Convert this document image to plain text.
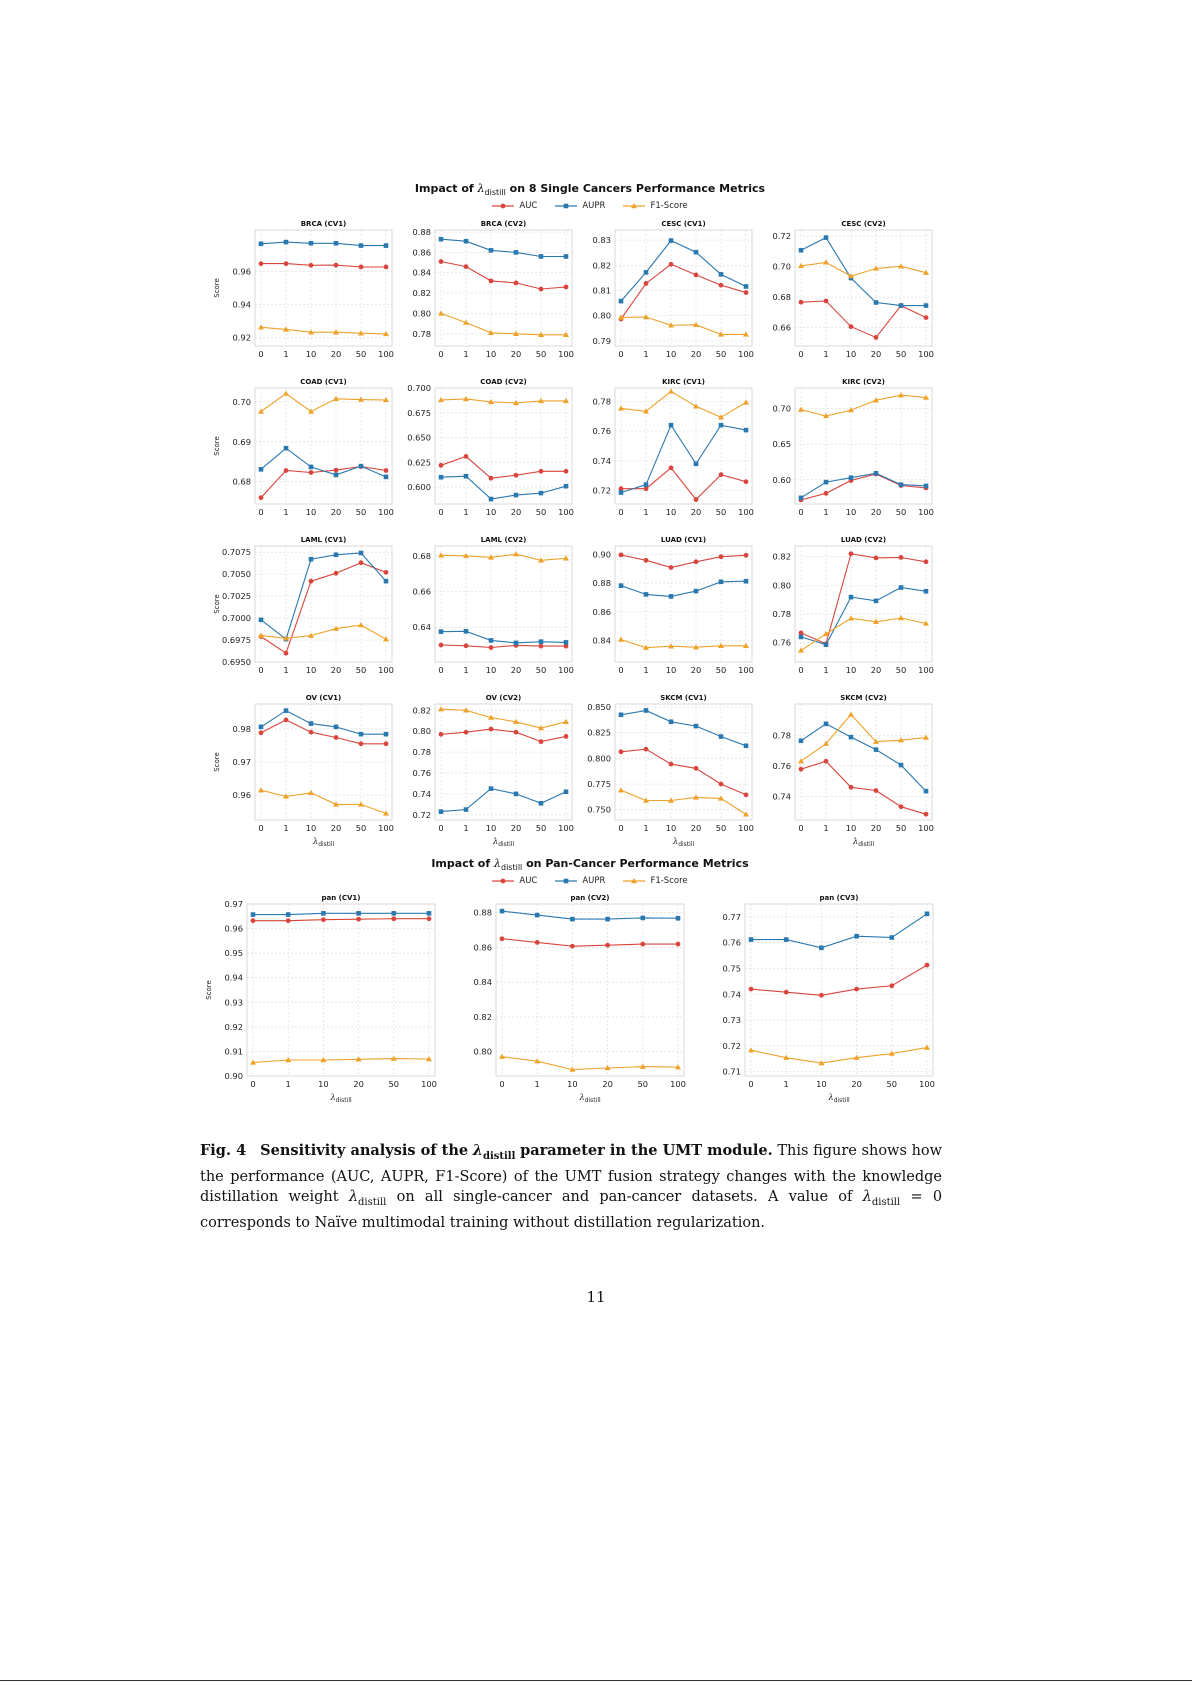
Impact of $\lambda_{distill}$ on 8 Single Cancers Performance Metrics
AUC	AUPR	F1-Score
Impact of $\lambda_{distill}$ on Pan-Cancer Performance Metrics
AUC	AUPR	F1-Score
BRCA (CV1)
0.92
0.94
0.96
0 1 10 20 50 100
Score
BRCA (CV2)
0.78
0.80
0.82
0.84
0.86
0.88
0 1 10 20 50 100
CESC (CV1)
0.79
0.80
0.81
0.82
0.83
0 1 10 20 50 100
CESC (CV2)
0.66
0.68
0.70
0.72
0 1 10 20 50 100
COAD (CV1)
0.68
0.69
0.70
0 1 10 20 50 100
Score
COAD (CV2)
0.600
0.625
0.650
0.675
0.700
0 1 10 20 50 100
KIRC (CV1)
0.72
0.74
0.76
0.78
0 1 10 20 50 100
KIRC (CV2)
0.60
0.65
0.70
0 1 10 20 50 100
LAML (CV1)
0.6950
0.6975
0.7000
0.7025
0.7050
0.7075
0 1 10 20 50 100
Score
LAML (CV2)
0.64
0.66
0.68
0 1 10 20 50 100
LUAD (CV1)
0.84
0.86
0.88
0.90
0 1 10 20 50 100
LUAD (CV2)
0.76
0.78
0.80
0.82
0 1 10 20 50 100
OV (CV1)
0.96
0.97
0.98
0 1 10 20 50 100
Score
$\lambda_{distill}$
OV (CV2)
0.72
0.74
0.76
0.78
0.80
0.82
0 1 10 20 50 100
$\lambda_{distill}$
SKCM (CV1)
0.750
0.775
0.800
0.825
0.850
0 1 10 20 50 100
$\lambda_{distill}$
SKCM (CV2)
0.74
0.76
0.78
0 1 10 20 50 100
$\lambda_{distill}$
pan (CV1)
0.90
0.91
0.92
0.93
0.94
0.95
0.96
0.97
0	1	10	20	50	100
Score
$\lambda_{distill}$
pan (CV2)
0.80
0.82
0.84
0.86
0.88
0	1	10	20	50	100
$\lambda_{distill}$
pan (CV3)
0.71
0.72
0.73
0.74
0.75
0.76
0.77
0	1	10	20	50	100
$\lambda_{distill}$
Fig. 4 Sensitivity analysis of the $\lambda_{distill}$ parameter in the UMT module. This figure shows how the performance (AUC, AUPR, F1-Score) of the UMT fusion strategy changes with the knowledge distillation weight $\lambda_{distill}$ on all single-cancer and pan-cancer datasets. A value of $\lambda_{distill} = 0$ corresponds to Naïve multimodal training without distillation regularization.
11
